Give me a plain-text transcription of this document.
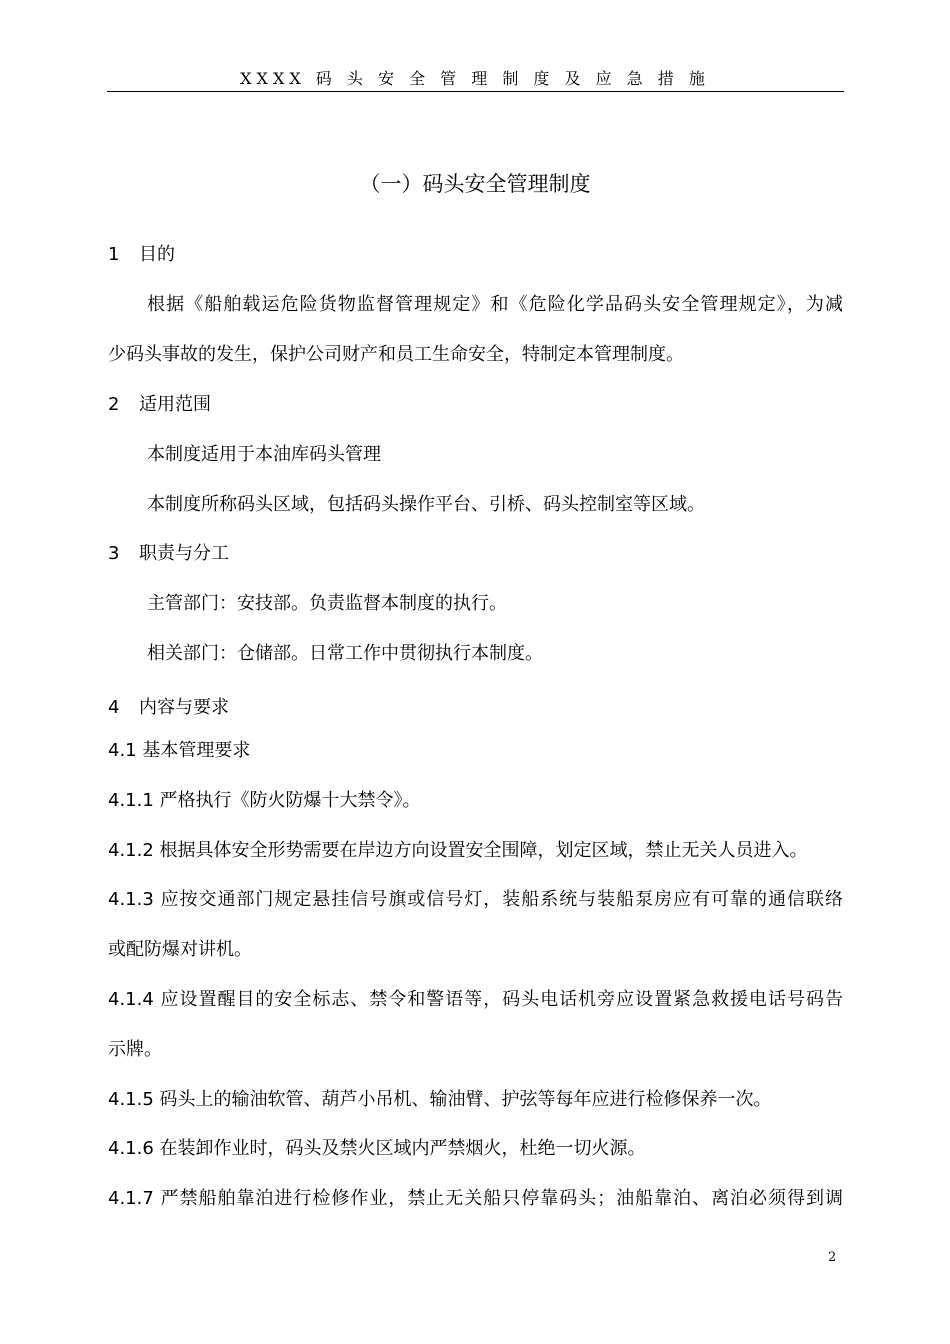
XXXX 码 头 安 全 管 理 制 度 及 应 急 措 施
（一）码头安全管理制度
1 目的
根据《船舶载运危险货物监督管理规定》和《危险化学品码头安全管理规定》，为减
少码头事故的发生，保护公司财产和员工生命安全，特制定本管理制度。
2 适用范围
本制度适用于本油库码头管理
本制度所称码头区域，包括码头操作平台、引桥、码头控制室等区域。
3 职责与分工
主管部门：安技部。负责监督本制度的执行。
相关部门：仓储部。日常工作中贯彻执行本制度。
4 内容与要求
4.1 基本管理要求
4.1.1 严格执行《防火防爆十大禁令》。
4.1.2 根据具体安全形势需要在岸边方向设置安全围障，划定区域，禁止无关人员进入。
4.1.3 应按交通部门规定悬挂信号旗或信号灯，装船系统与装船泵房应有可靠的通信联络
或配防爆对讲机。
4.1.4 应设置醒目的安全标志、禁令和警语等，码头电话机旁应设置紧急救援电话号码告
示牌。
4.1.5 码头上的输油软管、葫芦小吊机、输油臂、护弦等每年应进行检修保养一次。
4.1.6 在装卸作业时，码头及禁火区域内严禁烟火，杜绝一切火源。
4.1.7 严禁船舶靠泊进行检修作业，禁止无关船只停靠码头；油船靠泊、离泊必须得到调
2
